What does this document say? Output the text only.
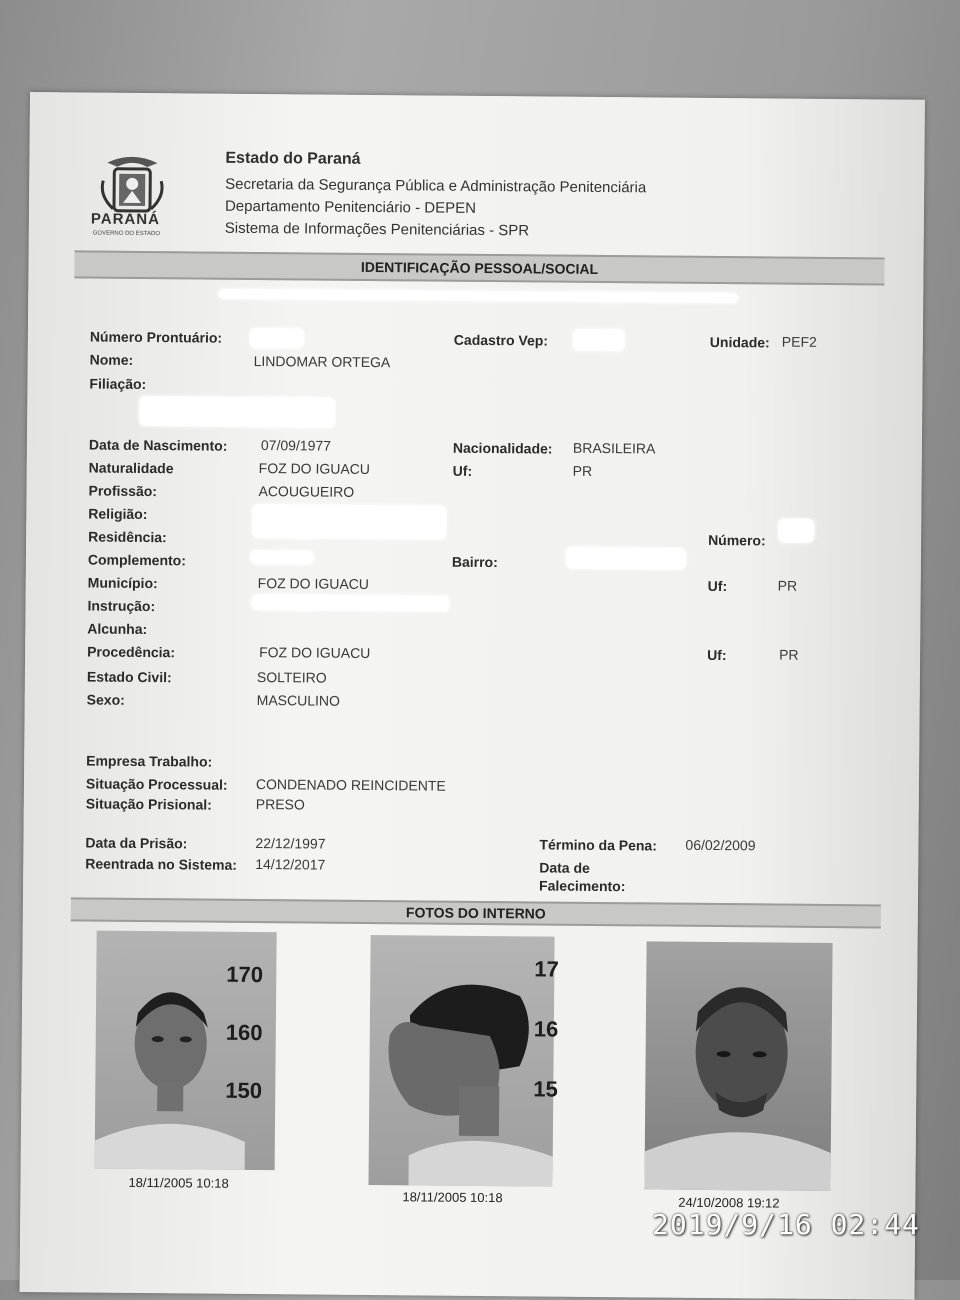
PARANÁ
GOVERNO DO ESTADO
Estado do Paraná
Secretaria da Segurança Pública e Administração Penitenciária
Departamento Penitenciário - DEPEN
Sistema de Informações Penitenciárias - SPR
IDENTIFICAÇÃO PESSOAL/SOCIAL
Número Prontuário:	Cadastro Vep:	Unidade: PEF2
Nome:	LINDOMAR ORTEGA
Filiação:
Data de Nascimento: 07/09/1977	Nacionalidade: BRASILEIRA
Naturalidade	FOZ DO IGUACU	Uf:	PR
Profissão:	ACOUGUEIRO
Religião:
Residência:	Número:
Complemento:	Bairro:
Município:	FOZ DO IGUACU	Uf:	PR
Instrução:
Alcunha:
Procedência:	FOZ DO IGUACU	Uf:	PR
Estado Civil:	SOLTEIRO
Sexo:	MASCULINO
Empresa Trabalho:
Situação Processual: CONDENADO REINCIDENTE
Situação Prisional:	PRESO
Data da Prisão:	22/12/1997	Término da Pena: 06/02/2009
Reentrada no Sistema: 14/12/2017	Data de
Falecimento:
FOTOS DO INTERNO
170
160
150
18/11/2005 10:18
17
16
15
18/11/2005 10:18	24/10/2008 19:12
2019/9/16 02:44
